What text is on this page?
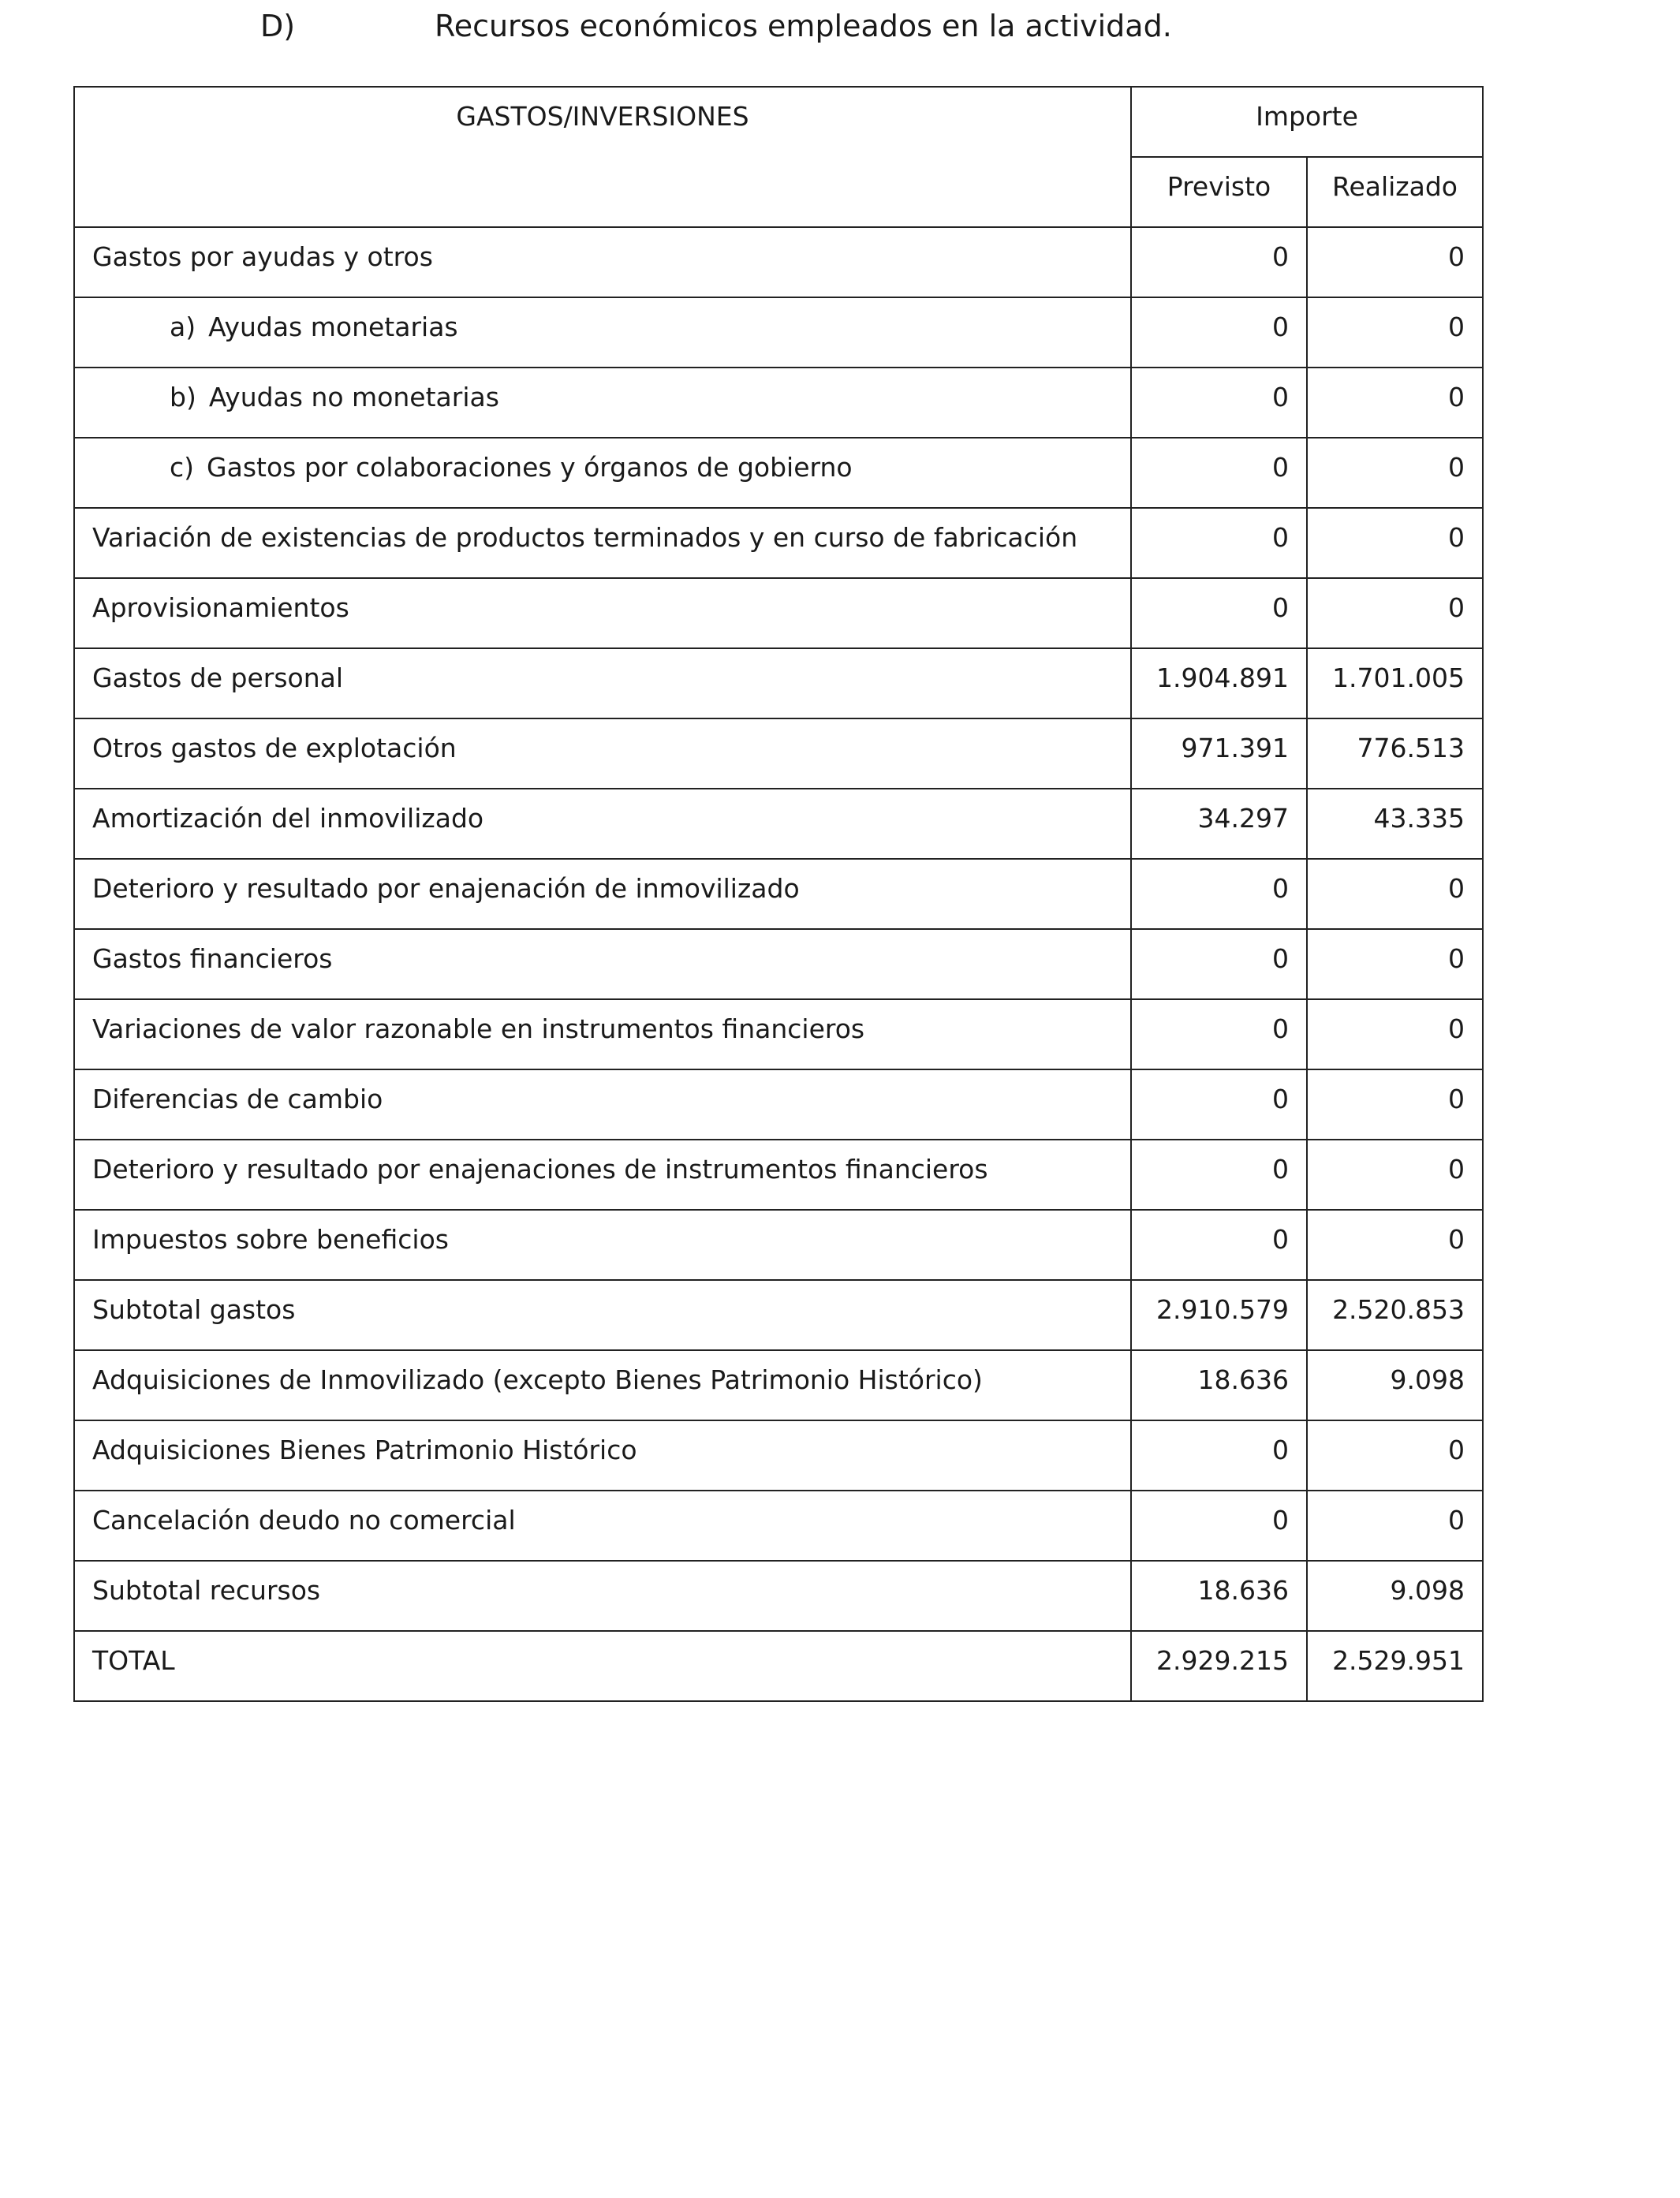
D)	Recursos económicos empleados en la actividad.
GASTOS/INVERSIONES	Importe	
	Previsto	Realizado
Gastos por ayudas y otros	0	0
a) Ayudas monetarias	0	0
b) Ayudas no monetarias	0	0
c) Gastos por colaboraciones y órganos de gobierno	0	0
Variación de existencias de productos terminados y en curso de fabricación	0	0
Aprovisionamientos	0	0
Gastos de personal	1.904.891	1.701.005
Otros gastos de explotación	971.391	776.513
Amortización del inmovilizado	34.297	43.335
Deterioro y resultado por enajenación de inmovilizado	0	0
Gastos financieros	0	0
Variaciones de valor razonable en instrumentos financieros	0	0
Diferencias de cambio	0	0
Deterioro y resultado por enajenaciones de instrumentos financieros	0	0
Impuestos sobre beneficios	0	0
Subtotal gastos	2.910.579	2.520.853
Adquisiciones de Inmovilizado (excepto Bienes Patrimonio Histórico)	18.636	9.098
Adquisiciones Bienes Patrimonio Histórico	0	0
Cancelación deudo no comercial	0	0
Subtotal recursos	18.636	9.098
TOTAL	2.929.215	2.529.951
